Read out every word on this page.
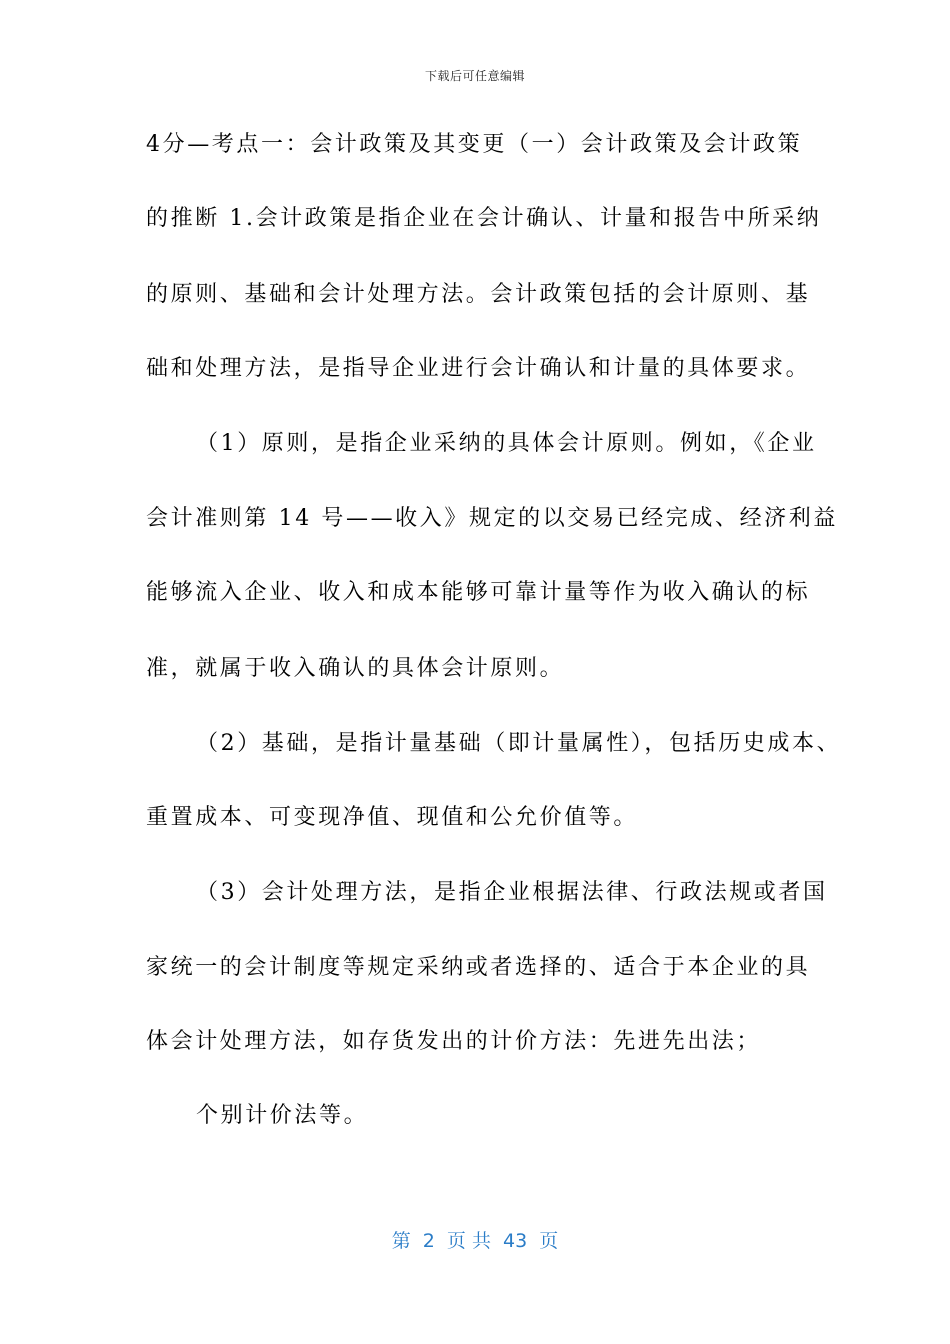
下载后可任意编辑
4分—考点一：会计政策及其变更（一）会计政策及会计政策
的推断 1.会计政策是指企业在会计确认、计量和报告中所采纳
的原则、基础和会计处理方法。会计政策包括的会计原则、基
础和处理方法，是指导企业进行会计确认和计量的具体要求。
（1）原则，是指企业采纳的具体会计原则。例如，《企业
会计准则第 14 号——收入》规定的以交易已经完成、经济利益
能够流入企业、收入和成本能够可靠计量等作为收入确认的标
准，就属于收入确认的具体会计原则。
（2）基础，是指计量基础（即计量属性），包括历史成本、
重置成本、可变现净值、现值和公允价值等。
（3）会计处理方法，是指企业根据法律、行政法规或者国
家统一的会计制度等规定采纳或者选择的、适合于本企业的具
体会计处理方法，如存货发出的计价方法：先进先出法；
个别计价法等。
第  2  页 共  43  页
